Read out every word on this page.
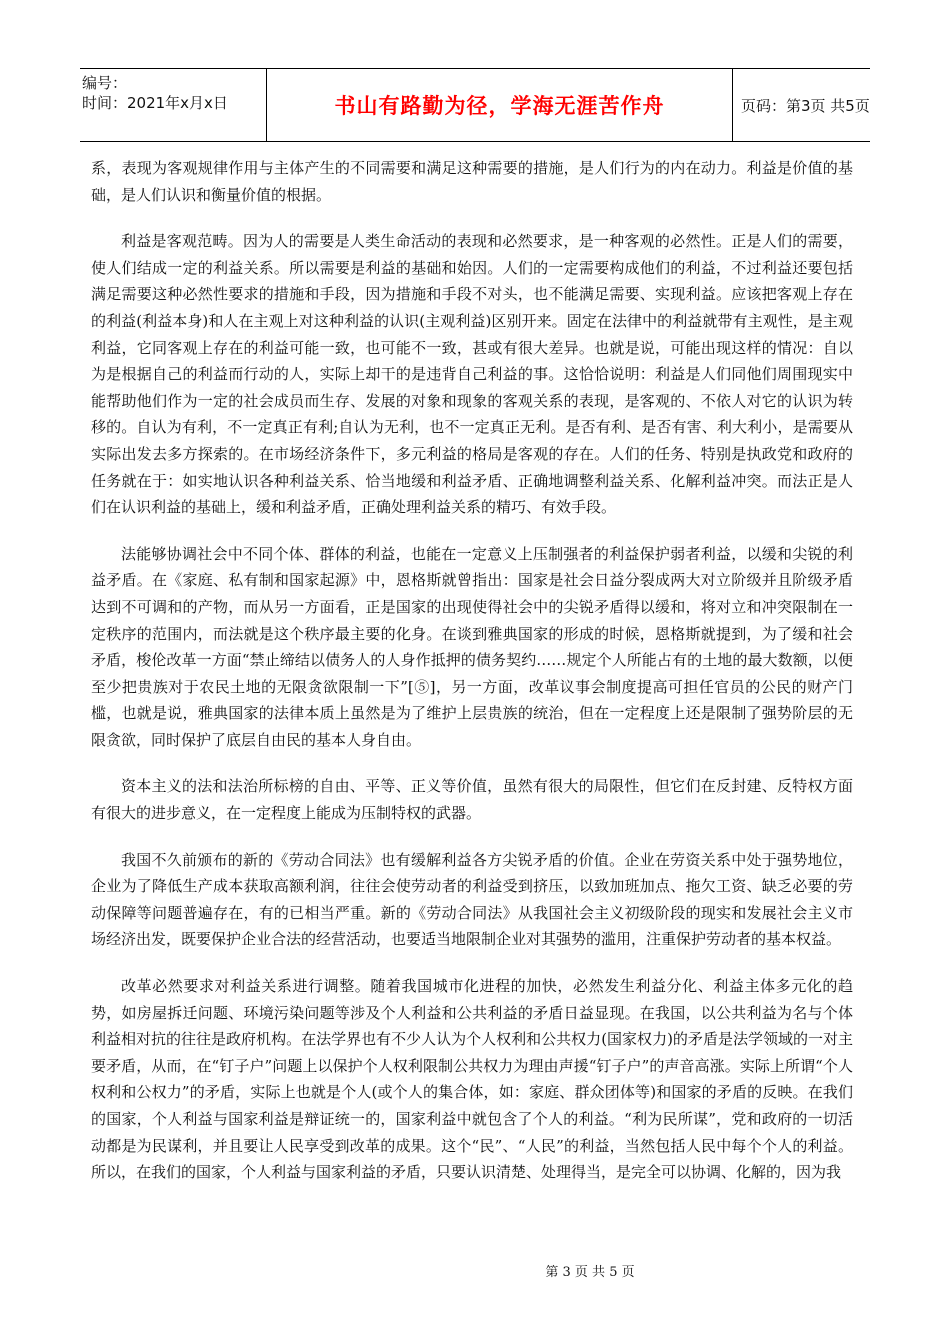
编号：
时间：2021年x月x日	书山有路勤为径，学海无涯苦作舟	页码：第3页 共5页

系，表现为客观规律作用与主体产生的不同需要和满足这种需要的措施，是人们行为的内在动力。利益是价值的基础，是人们认识和衡量价值的根据。

利益是客观范畴。因为人的需要是人类生命活动的表现和必然要求，是一种客观的必然性。正是人们的需要，使人们结成一定的利益关系。所以需要是利益的基础和始因。人们的一定需要构成他们的利益，不过利益还要包括满足需要这种必然性要求的措施和手段，因为措施和手段不对头，也不能满足需要、实现利益。应该把客观上存在的利益(利益本身)和人在主观上对这种利益的认识(主观利益)区别开来。固定在法律中的利益就带有主观性，是主观利益，它同客观上存在的利益可能一致，也可能不一致，甚或有很大差异。也就是说，可能出现这样的情况：自以为是根据自己的利益而行动的人，实际上却干的是违背自己利益的事。这恰恰说明：利益是人们同他们周围现实中能帮助他们作为一定的社会成员而生存、发展的对象和现象的客观关系的表现，是客观的、不依人对它的认识为转移的。自认为有利，不一定真正有利;自认为无利，也不一定真正无利。是否有利、是否有害、利大利小，是需要从实际出发去多方探索的。在市场经济条件下，多元利益的格局是客观的存在。人们的任务、特别是执政党和政府的任务就在于：如实地认识各种利益关系、恰当地缓和利益矛盾、正确地调整利益关系、化解利益冲突。而法正是人们在认识利益的基础上，缓和利益矛盾，正确处理利益关系的精巧、有效手段。

法能够协调社会中不同个体、群体的利益，也能在一定意义上压制强者的利益保护弱者利益，以缓和尖锐的利益矛盾。在《家庭、私有制和国家起源》中，恩格斯就曾指出：国家是社会日益分裂成两大对立阶级并且阶级矛盾达到不可调和的产物，而从另一方面看，正是国家的出现使得社会中的尖锐矛盾得以缓和，将对立和冲突限制在一定秩序的范围内，而法就是这个秩序最主要的化身。在谈到雅典国家的形成的时候，恩格斯就提到，为了缓和社会矛盾，梭伦改革一方面“禁止缔结以债务人的人身作抵押的债务契约……规定个人所能占有的土地的最大数额，以便至少把贵族对于农民土地的无限贪欲限制一下”[⑤]，另一方面，改革议事会制度提高可担任官员的公民的财产门槛，也就是说，雅典国家的法律本质上虽然是为了维护上层贵族的统治，但在一定程度上还是限制了强势阶层的无限贪欲，同时保护了底层自由民的基本人身自由。

资本主义的法和法治所标榜的自由、平等、正义等价值，虽然有很大的局限性，但它们在反封建、反特权方面有很大的进步意义，在一定程度上能成为压制特权的武器。

我国不久前颁布的新的《劳动合同法》也有缓解利益各方尖锐矛盾的价值。企业在劳资关系中处于强势地位，企业为了降低生产成本获取高额利润，往往会使劳动者的利益受到挤压，以致加班加点、拖欠工资、缺乏必要的劳动保障等问题普遍存在，有的已相当严重。新的《劳动合同法》从我国社会主义初级阶段的现实和发展社会主义市场经济出发，既要保护企业合法的经营活动，也要适当地限制企业对其强势的滥用，注重保护劳动者的基本权益。

改革必然要求对利益关系进行调整。随着我国城市化进程的加快，必然发生利益分化、利益主体多元化的趋势，如房屋拆迁问题、环境污染问题等涉及个人利益和公共利益的矛盾日益显现。在我国，以公共利益为名与个体利益相对抗的往往是政府机构。在法学界也有不少人认为个人权利和公共权力(国家权力)的矛盾是法学领域的一对主要矛盾，从而，在“钉子户”问题上以保护个人权利限制公共权力为理由声援“钉子户”的声音高涨。实际上所谓“个人权利和公权力”的矛盾，实际上也就是个人(或个人的集合体，如：家庭、群众团体等)和国家的矛盾的反映。在我们的国家，个人利益与国家利益是辩证统一的，国家利益中就包含了个人的利益。“利为民所谋”，党和政府的一切活动都是为民谋利，并且要让人民享受到改革的成果。这个“民”、“人民”的利益，当然包括人民中每个个人的利益。所以，在我们的国家，个人利益与国家利益的矛盾，只要认识清楚、处理得当，是完全可以协调、化解的，因为我

第 3 页 共 5 页
